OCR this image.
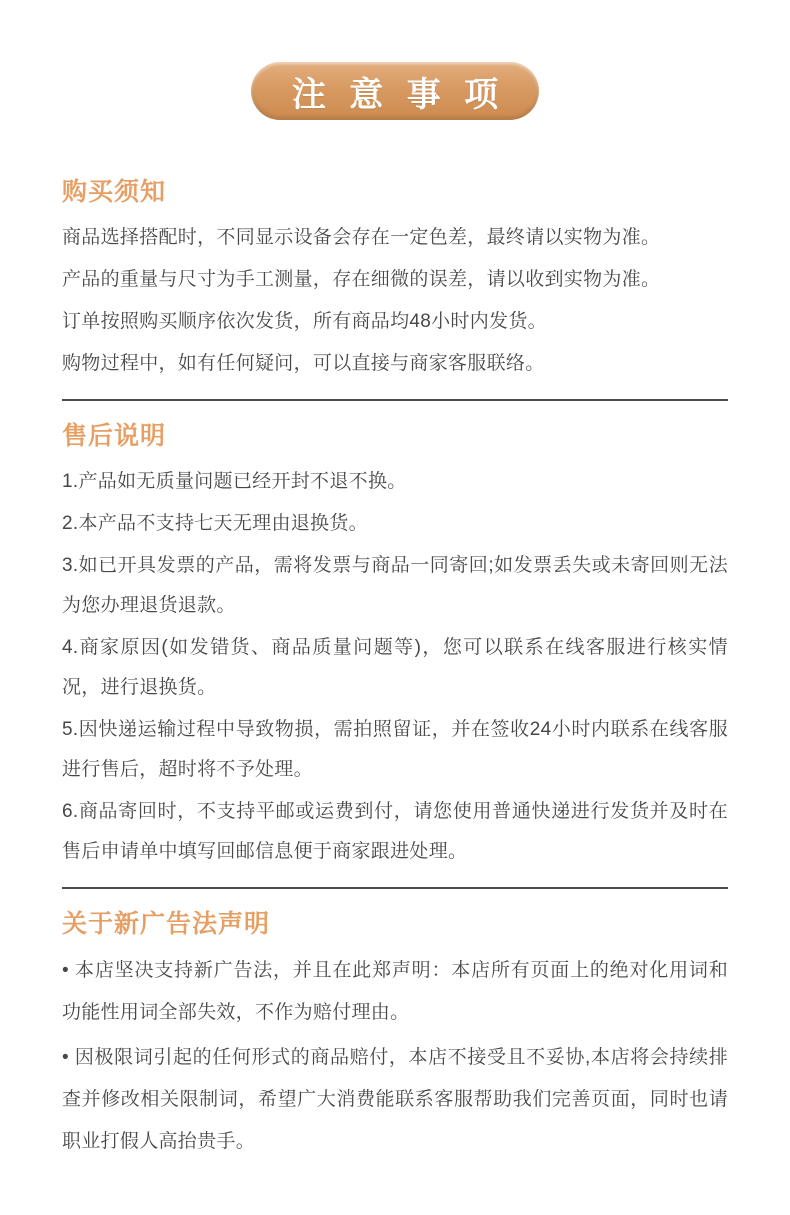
注 意 事 项
购买须知

商品选择搭配时，不同显示设备会存在一定色差，最终请以实物为准。

产品的重量与尺寸为手工测量，存在细微的误差，请以收到实物为准。

订单按照购买顺序依次发货，所有商品均48小时内发货。

购物过程中，如有任何疑问，可以直接与商家客服联络。

售后说明

1.产品如无质量问题已经开封不退不换。

2.本产品不支持七天无理由退换货。

3.如已开具发票的产品，需将发票与商品一同寄回;如发票丢失或未寄回则无法为您办理退货退款。

4.商家原因(如发错货、商品质量问题等)，您可以联系在线客服进行核实情况，进行退换货。

5.因快递运输过程中导致物损，需拍照留证，并在签收24小时内联系在线客服进行售后，超时将不予处理。

6.商品寄回时，不支持平邮或运费到付，请您使用普通快递进行发货并及时在售后申请单中填写回邮信息便于商家跟进处理。

关于新广告法声明

• 本店坚决支持新广告法，并且在此郑声明：本店所有页面上的绝对化用词和功能性用词全部失效，不作为赔付理由。

• 因极限词引起的任何形式的商品赔付，本店不接受且不妥协,本店将会持续排查并修改相关限制词，希望广大消费能联系客服帮助我们完善页面，同时也请职业打假人高抬贵手。
